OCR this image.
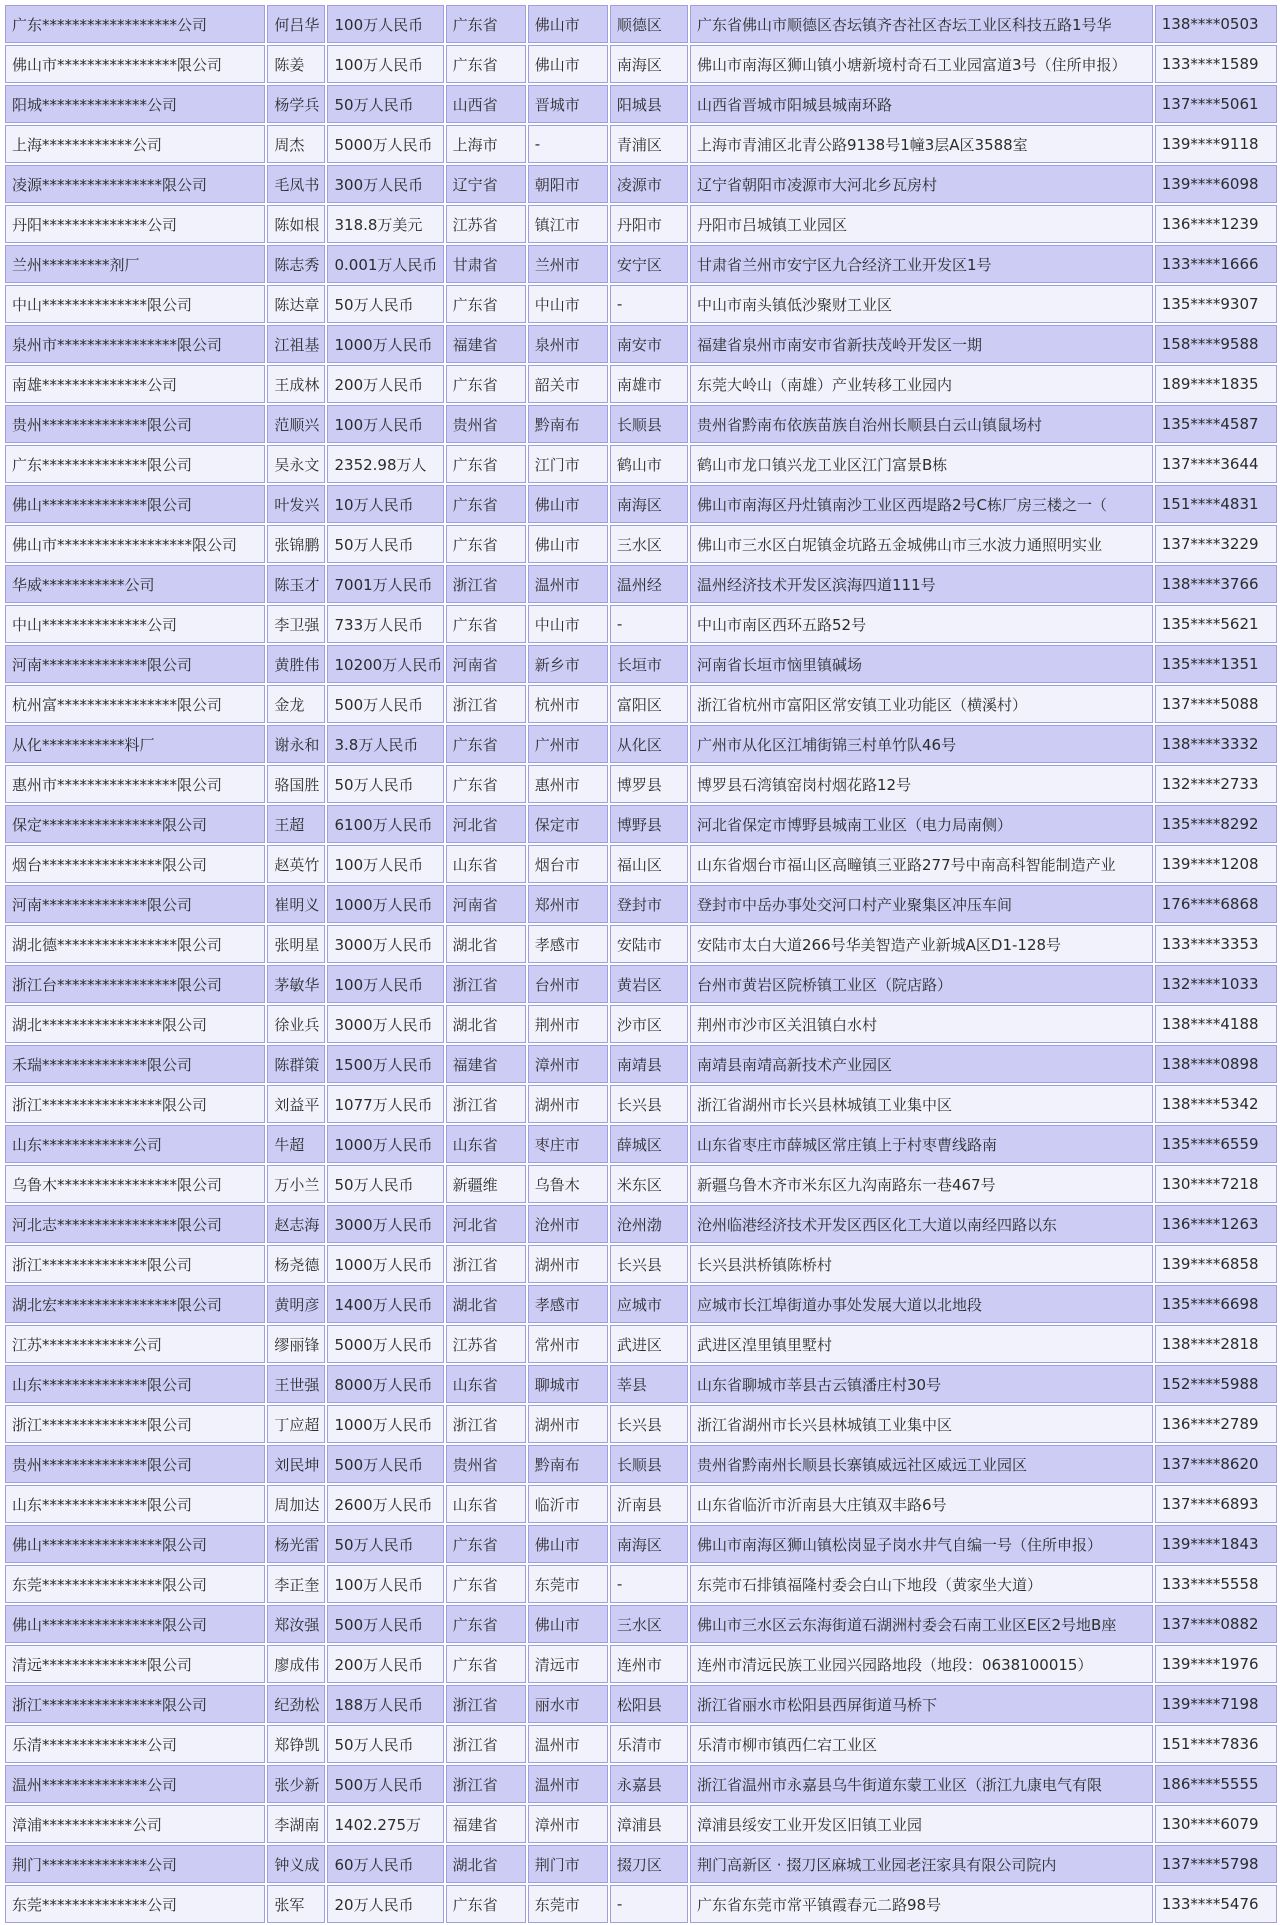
广东******************公司	何吕华	100万人民币	广东省	佛山市	顺德区	广东省佛山市顺德区杏坛镇齐杏社区杏坛工业区科技五路1号华	138****0503
佛山市****************限公司	陈姜	100万人民币	广东省	佛山市	南海区	佛山市南海区狮山镇小塘新境村奇石工业园富道3号（住所申报）	133****1589
阳城**************公司	杨学兵	50万人民币	山西省	晋城市	阳城县	山西省晋城市阳城县城南环路	137****5061
上海************公司	周杰	5000万人民币	上海市	-	青浦区	上海市青浦区北青公路9138号1幢3层A区3588室	139****9118
凌源****************限公司	毛凤书	300万人民币	辽宁省	朝阳市	凌源市	辽宁省朝阳市凌源市大河北乡瓦房村	139****6098
丹阳**************公司	陈如根	318.8万美元	江苏省	镇江市	丹阳市	丹阳市吕城镇工业园区	136****1239
兰州*********剂厂	陈志秀	0.001万人民币	甘肃省	兰州市	安宁区	甘肃省兰州市安宁区九合经济工业开发区1号	133****1666
中山**************限公司	陈达章	50万人民币	广东省	中山市	-	中山市南头镇低沙聚财工业区	135****9307
泉州市****************限公司	江祖基	1000万人民币	福建省	泉州市	南安市	福建省泉州市南安市省新扶茂岭开发区一期	158****9588
南雄**************公司	王成林	200万人民币	广东省	韶关市	南雄市	东莞大岭山（南雄）产业转移工业园内	189****1835
贵州**************限公司	范顺兴	100万人民币	贵州省	黔南布	长顺县	贵州省黔南布依族苗族自治州长顺县白云山镇鼠场村	135****4587
广东**************限公司	吴永文	2352.98万人	广东省	江门市	鹤山市	鹤山市龙口镇兴龙工业区江门富景B栋	137****3644
佛山**************限公司	叶发兴	10万人民币	广东省	佛山市	南海区	佛山市南海区丹灶镇南沙工业区西堤路2号C栋厂房三楼之一（	151****4831
佛山市******************限公司	张锦鹏	50万人民币	广东省	佛山市	三水区	佛山市三水区白坭镇金坑路五金城佛山市三水波力通照明实业	137****3229
华威***********公司	陈玉才	7001万人民币	浙江省	温州市	温州经	温州经济技术开发区滨海四道111号	138****3766
中山**************公司	李卫强	733万人民币	广东省	中山市	-	中山市南区西环五路52号	135****5621
河南**************限公司	黄胜伟	10200万人民币	河南省	新乡市	长垣市	河南省长垣市恼里镇碱场	135****1351
杭州富****************限公司	金龙	500万人民币	浙江省	杭州市	富阳区	浙江省杭州市富阳区常安镇工业功能区（横溪村）	137****5088
从化***********料厂	谢永和	3.8万人民币	广东省	广州市	从化区	广州市从化区江埔街锦三村单竹队46号	138****3332
惠州市****************限公司	骆国胜	50万人民币	广东省	惠州市	博罗县	博罗县石湾镇窑岗村烟花路12号	132****2733
保定****************限公司	王超	6100万人民币	河北省	保定市	博野县	河北省保定市博野县城南工业区（电力局南侧）	135****8292
烟台****************限公司	赵英竹	100万人民币	山东省	烟台市	福山区	山东省烟台市福山区高疃镇三亚路277号中南高科智能制造产业	139****1208
河南**************限公司	崔明义	1000万人民币	河南省	郑州市	登封市	登封市中岳办事处交河口村产业聚集区冲压车间	176****6868
湖北德****************限公司	张明星	3000万人民币	湖北省	孝感市	安陆市	安陆市太白大道266号华美智造产业新城A区D1-128号	133****3353
浙江台****************限公司	茅敏华	100万人民币	浙江省	台州市	黄岩区	台州市黄岩区院桥镇工业区（院店路）	132****1033
湖北****************限公司	徐业兵	3000万人民币	湖北省	荆州市	沙市区	荆州市沙市区关沮镇白水村	138****4188
禾瑞**************限公司	陈群策	1500万人民币	福建省	漳州市	南靖县	南靖县南靖高新技术产业园区	138****0898
浙江****************限公司	刘益平	1077万人民币	浙江省	湖州市	长兴县	浙江省湖州市长兴县林城镇工业集中区	138****5342
山东************公司	牛超	1000万人民币	山东省	枣庄市	薛城区	山东省枣庄市薛城区常庄镇上于村枣曹线路南	135****6559
乌鲁木****************限公司	万小兰	50万人民币	新疆维	乌鲁木	米东区	新疆乌鲁木齐市米东区九沟南路东一巷467号	130****7218
河北志****************限公司	赵志海	3000万人民币	河北省	沧州市	沧州渤	沧州临港经济技术开发区西区化工大道以南经四路以东	136****1263
浙江**************限公司	杨尧德	1000万人民币	浙江省	湖州市	长兴县	长兴县洪桥镇陈桥村	139****6858
湖北宏****************限公司	黄明彦	1400万人民币	湖北省	孝感市	应城市	应城市长江埠街道办事处发展大道以北地段	135****6698
江苏************公司	缪丽锋	5000万人民币	江苏省	常州市	武进区	武进区湟里镇里墅村	138****2818
山东**************限公司	王世强	8000万人民币	山东省	聊城市	莘县	山东省聊城市莘县古云镇潘庄村30号	152****5988
浙江**************限公司	丁应超	1000万人民币	浙江省	湖州市	长兴县	浙江省湖州市长兴县林城镇工业集中区	136****2789
贵州**************限公司	刘民坤	500万人民币	贵州省	黔南布	长顺县	贵州省黔南州长顺县长寨镇威远社区威远工业园区	137****8620
山东**************限公司	周加达	2600万人民币	山东省	临沂市	沂南县	山东省临沂市沂南县大庄镇双丰路6号	137****6893
佛山****************限公司	杨光雷	50万人民币	广东省	佛山市	南海区	佛山市南海区狮山镇松岗显子岗水井气自编一号（住所申报）	139****1843
东莞****************限公司	李正奎	100万人民币	广东省	东莞市	-	东莞市石排镇福隆村委会白山下地段（黄家坐大道）	133****5558
佛山****************限公司	郑汝强	500万人民币	广东省	佛山市	三水区	佛山市三水区云东海街道石湖洲村委会石南工业区E区2号地B座	137****0882
清远**************限公司	廖成伟	200万人民币	广东省	清远市	连州市	连州市清远民族工业园兴园路地段（地段：0638100015）	139****1976
浙江****************限公司	纪劲松	188万人民币	浙江省	丽水市	松阳县	浙江省丽水市松阳县西屏街道马桥下	139****7198
乐清**************公司	郑铮凯	50万人民币	浙江省	温州市	乐清市	乐清市柳市镇西仁宕工业区	151****7836
温州**************公司	张少新	500万人民币	浙江省	温州市	永嘉县	浙江省温州市永嘉县乌牛街道东蒙工业区（浙江九康电气有限	186****5555
漳浦************公司	李湖南	1402.275万	福建省	漳州市	漳浦县	漳浦县绥安工业开发区旧镇工业园	130****6079
荆门**************公司	钟义成	60万人民币	湖北省	荆门市	掇刀区	荆门高新区 · 掇刀区麻城工业园老汪家具有限公司院内	137****5798
东莞**************公司	张军	20万人民币	广东省	东莞市	-	广东省东莞市常平镇霞春元二路98号	133****5476
